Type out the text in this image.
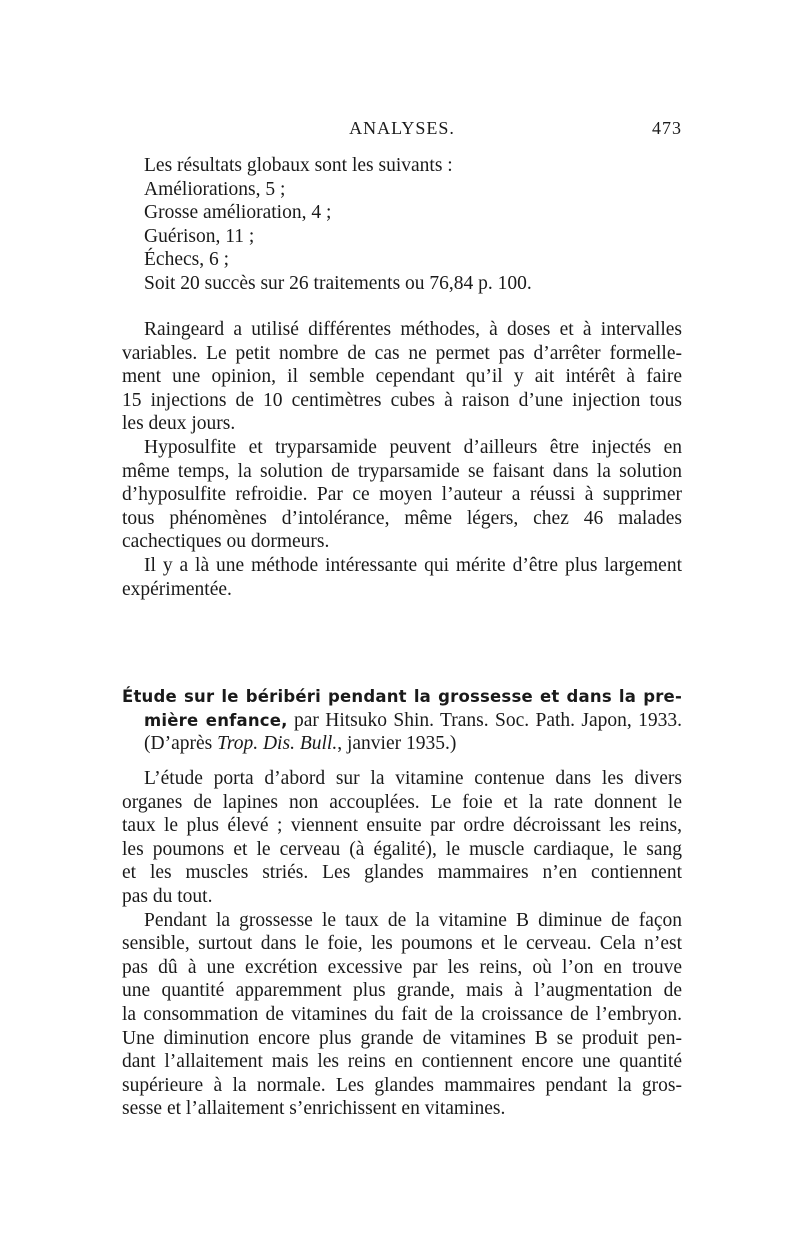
ANALYSES.	473
Les résultats globaux sont les suivants :
Améliorations, 5 ;
Grosse amélioration, 4 ;
Guérison, 11 ;
Échecs, 6 ;
Soit 20 succès sur 26 traitements ou 76,84 p. 100.
Raingeard a utilisé différentes méthodes, à doses et à intervalles
variables. Le petit nombre de cas ne permet pas d’arrêter formelle-
ment une opinion, il semble cependant qu’il y ait intérêt à faire
15 injections de 10 centimètres cubes à raison d’une injection tous
les deux jours.
Hyposulfite et tryparsamide peuvent d’ailleurs être injectés en
même temps, la solution de tryparsamide se faisant dans la solution
d’hyposulfite refroidie. Par ce moyen l’auteur a réussi à supprimer
tous phénomènes d’intolérance, même légers, chez 46 malades
cachectiques ou dormeurs.
Il y a là une méthode intéressante qui mérite d’être plus largement
expérimentée.
Étude sur le béribéri pendant la grossesse et dans la pre-
mière enfance, par Hitsuko Shin. Trans. Soc. Path. Japon, 1933.
(D’après Trop. Dis. Bull., janvier 1935.)
L’étude porta d’abord sur la vitamine contenue dans les divers
organes de lapines non accouplées. Le foie et la rate donnent le
taux le plus élevé ; viennent ensuite par ordre décroissant les reins,
les poumons et le cerveau (à égalité), le muscle cardiaque, le sang
et les muscles striés. Les glandes mammaires n’en contiennent
pas du tout.
Pendant la grossesse le taux de la vitamine B diminue de façon
sensible, surtout dans le foie, les poumons et le cerveau. Cela n’est
pas dû à une excrétion excessive par les reins, où l’on en trouve
une quantité apparemment plus grande, mais à l’augmentation de
la consommation de vitamines du fait de la croissance de l’embryon.
Une diminution encore plus grande de vitamines B se produit pen-
dant l’allaitement mais les reins en contiennent encore une quantité
supérieure à la normale. Les glandes mammaires pendant la gros-
sesse et l’allaitement s’enrichissent en vitamines.
